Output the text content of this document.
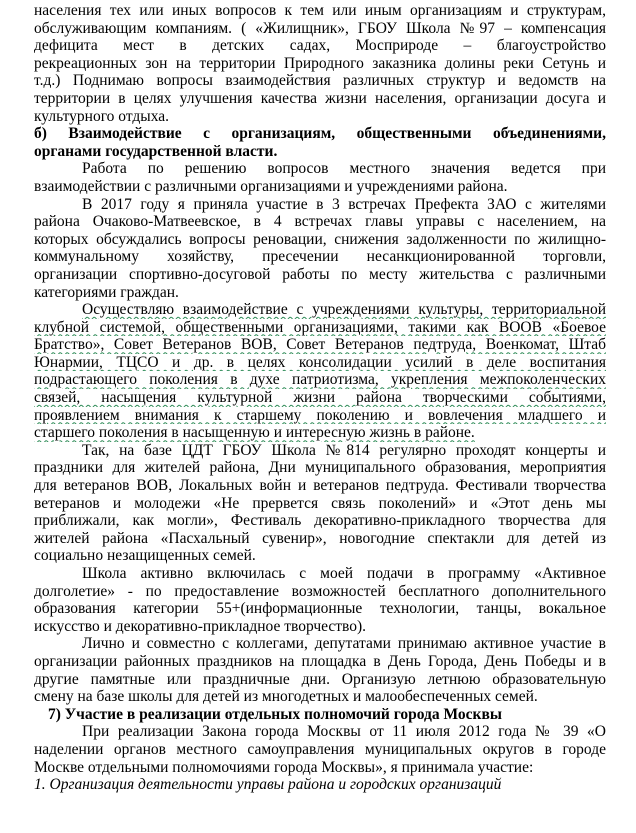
населения тех или иных вопросов к тем или иным организациям и структурам,
обслуживающим компаниям. ( «Жилищник», ГБОУ Школа №97 – компенсация
дефицита мест в детских садах, Мосприроде – благоустройство
рекреационных зон на территории Природного заказника долины реки Сетунь и
т.д.) Поднимаю вопросы взаимодействия различных структур и ведомств на
территории в целях улучшения качества жизни населения, организации досуга и
культурного отдыха.
б) Взаимодействие с организациям, общественными объединениями,
органами государственной власти.
Работа по решению вопросов местного значения ведется при
взаимодействии с различными организациями и учреждениями района.
В 2017 году я приняла участие в 3 встречах Префекта ЗАО с жителями
района Очаково-Матвеевское, в 4 встречах главы управы с населением, на
которых обсуждались вопросы реновации, снижения задолженности по жилищно-
коммунальному хозяйству, пресечении несанкционированной торговли,
организации спортивно-досуговой работы по месту жительства с различными
категориями граждан.
Осуществляю взаимодействие с учреждениями культуры, территориальной
клубной системой, общественными организациями, такими как ВООВ «Боевое
Братство», Совет Ветеранов ВОВ, Совет Ветеранов педтруда, Военкомат, Штаб
Юнармии, ТЦСО и др. в целях консолидации усилий в деле воспитания
подрастающего поколения в духе патриотизма, укрепления межпоколенческих
связей, насыщения культурной жизни района творческими событиями,
проявлением внимания к старшему поколению и вовлечения младшего и
старшего поколения в насыщенную и интересную жизнь в районе.
Так, на базе ЦДТ ГБОУ Школа №814 регулярно проходят концерты и
праздники для жителей района, Дни муниципального образования, мероприятия
для ветеранов ВОВ, Локальных войн и ветеранов педтруда. Фестивали творчества
ветеранов и молодежи «Не прервется связь поколений» и «Этот день мы
приближали, как могли», Фестиваль декоративно-прикладного творчества для
жителей района «Пасхальный сувенир», новогодние спектакли для детей из
социально незащищенных семей.
Школа активно включилась с моей подачи в программу «Активное
долголетие» - по предоставление возможностей бесплатного дополнительного
образования категории 55+(информационные технологии, танцы, вокальное
искусство и декоративно-прикладное творчество).
Лично и совместно с коллегами, депутатами принимаю активное участие в
организации районных праздников на площадка в День Города, День Победы и в
другие памятные или праздничные дни. Организую летнюю образовательную
смену на базе школы для детей из многодетных и малообеспеченных семей.
7) Участие в реализации отдельных полномочий города Москвы
При реализации Закона города Москвы от 11 июля 2012 года № 39 «О
наделении органов местного самоуправления муниципальных округов в городе
Москве отдельными полномочиями города Москвы», я принимала участие:
1. Организация деятельности управы района и городских организаций
